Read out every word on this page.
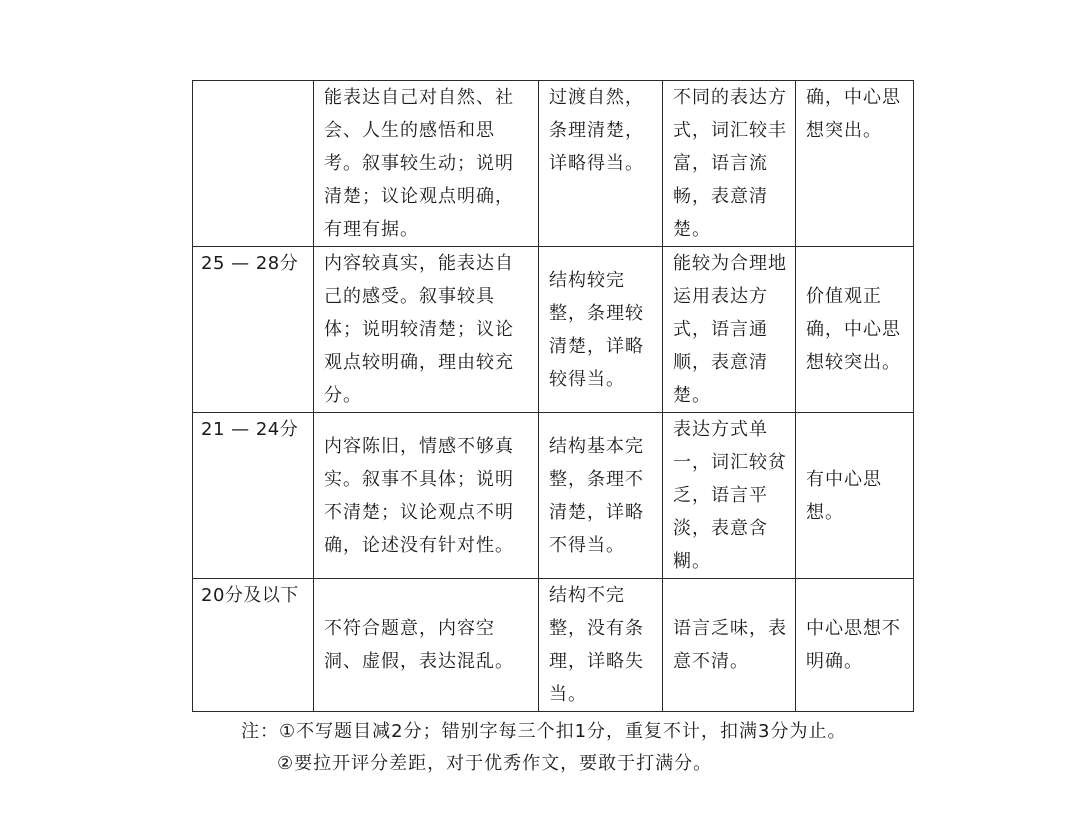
	能表达自己对自然、社会、人生的感悟和思考。叙事较生动；说明清楚；议论观点明确，有理有据。	过渡自然，条理清楚，详略得当。	不同的表达方式，词汇较丰富，语言流畅，表意清楚。	确，中心思想突出。

25 — 28分	内容较真实，能表达自己的感受。叙事较具体；说明较清楚；议论观点较明确，理由较充分。	结构较完整，条理较清楚，详略较得当。	能较为合理地运用表达方式，语言通顺，表意清楚。	价值观正确，中心思想较突出。

21 — 24分	内容陈旧，情感不够真实。叙事不具体；说明不清楚；议论观点不明确，论述没有针对性。	结构基本完整，条理不清楚，详略不得当。	表达方式单一，词汇较贫乏，语言平淡，表意含糊。	有中心思想。

20分及以下	不符合题意，内容空洞、虚假，表达混乱。	结构不完整，没有条理，详略失当。	语言乏味，表意不清。	中心思想不明确。
注：①不写题目减2分；错别字每三个扣1分，重复不计，扣满3分为止。
②要拉开评分差距，对于优秀作文，要敢于打满分。
